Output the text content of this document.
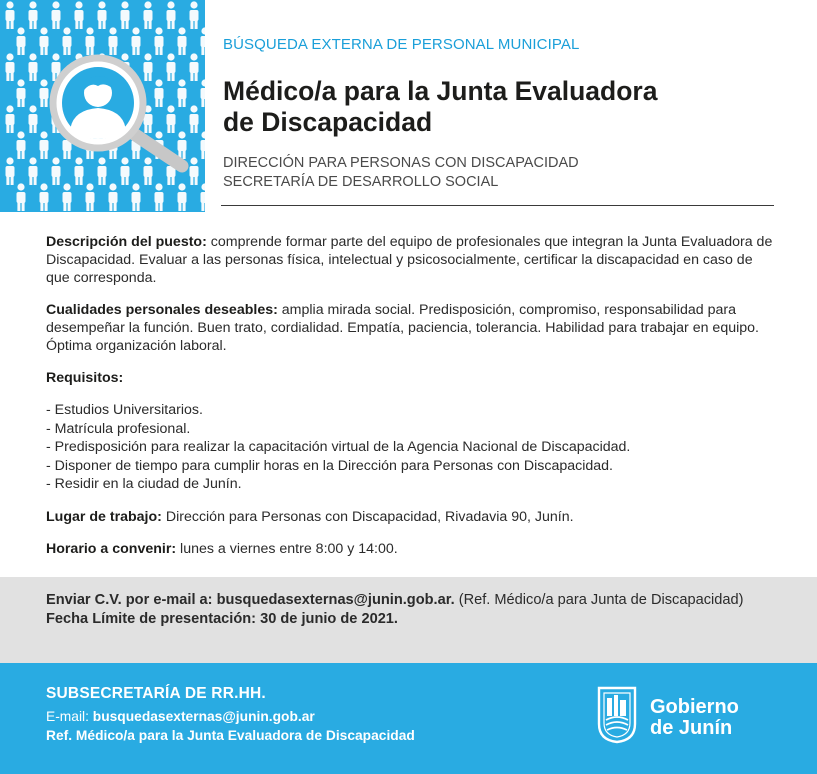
BÚSQUEDA EXTERNA DE PERSONAL MUNICIPAL
Médico/a para la Junta Evaluadora
de Discapacidad
DIRECCIÓN PARA PERSONAS CON DISCAPACIDAD
SECRETARÍA DE DESARROLLO SOCIAL

Descripción del puesto: comprende formar parte del equipo de profesionales que integran la Junta Evaluadora de Discapacidad. Evaluar a las personas física, intelectual y psicosocialmente, certificar la discapacidad en caso de que corresponda.

Cualidades personales deseables: amplia mirada social. Predisposición, compromiso, responsabilidad para desempeñar la función. Buen trato, cordialidad. Empatía, paciencia, tolerancia. Habilidad para trabajar en equipo. Óptima organización laboral.

Requisitos:

- Estudios Universitarios.
- Matrícula profesional.
- Predisposición para realizar la capacitación virtual de la Agencia Nacional de Discapacidad.
- Disponer de tiempo para cumplir horas en la Dirección para Personas con Discapacidad.
- Residir en la ciudad de Junín.

Lugar de trabajo: Dirección para Personas con Discapacidad, Rivadavia 90, Junín.

Horario a convenir: lunes a viernes entre 8:00 y 14:00.

Enviar C.V. por e-mail a: busquedasexternas@junin.gob.ar. (Ref. Médico/a para Junta de Discapacidad)
Fecha Límite de presentación: 30 de junio de 2021.
SUBSECRETARÍA DE RR.HH.
E-mail: busquedasexternas@junin.gob.ar
Ref. Médico/a para la Junta Evaluadora de Discapacidad
Gobierno
de Junín
